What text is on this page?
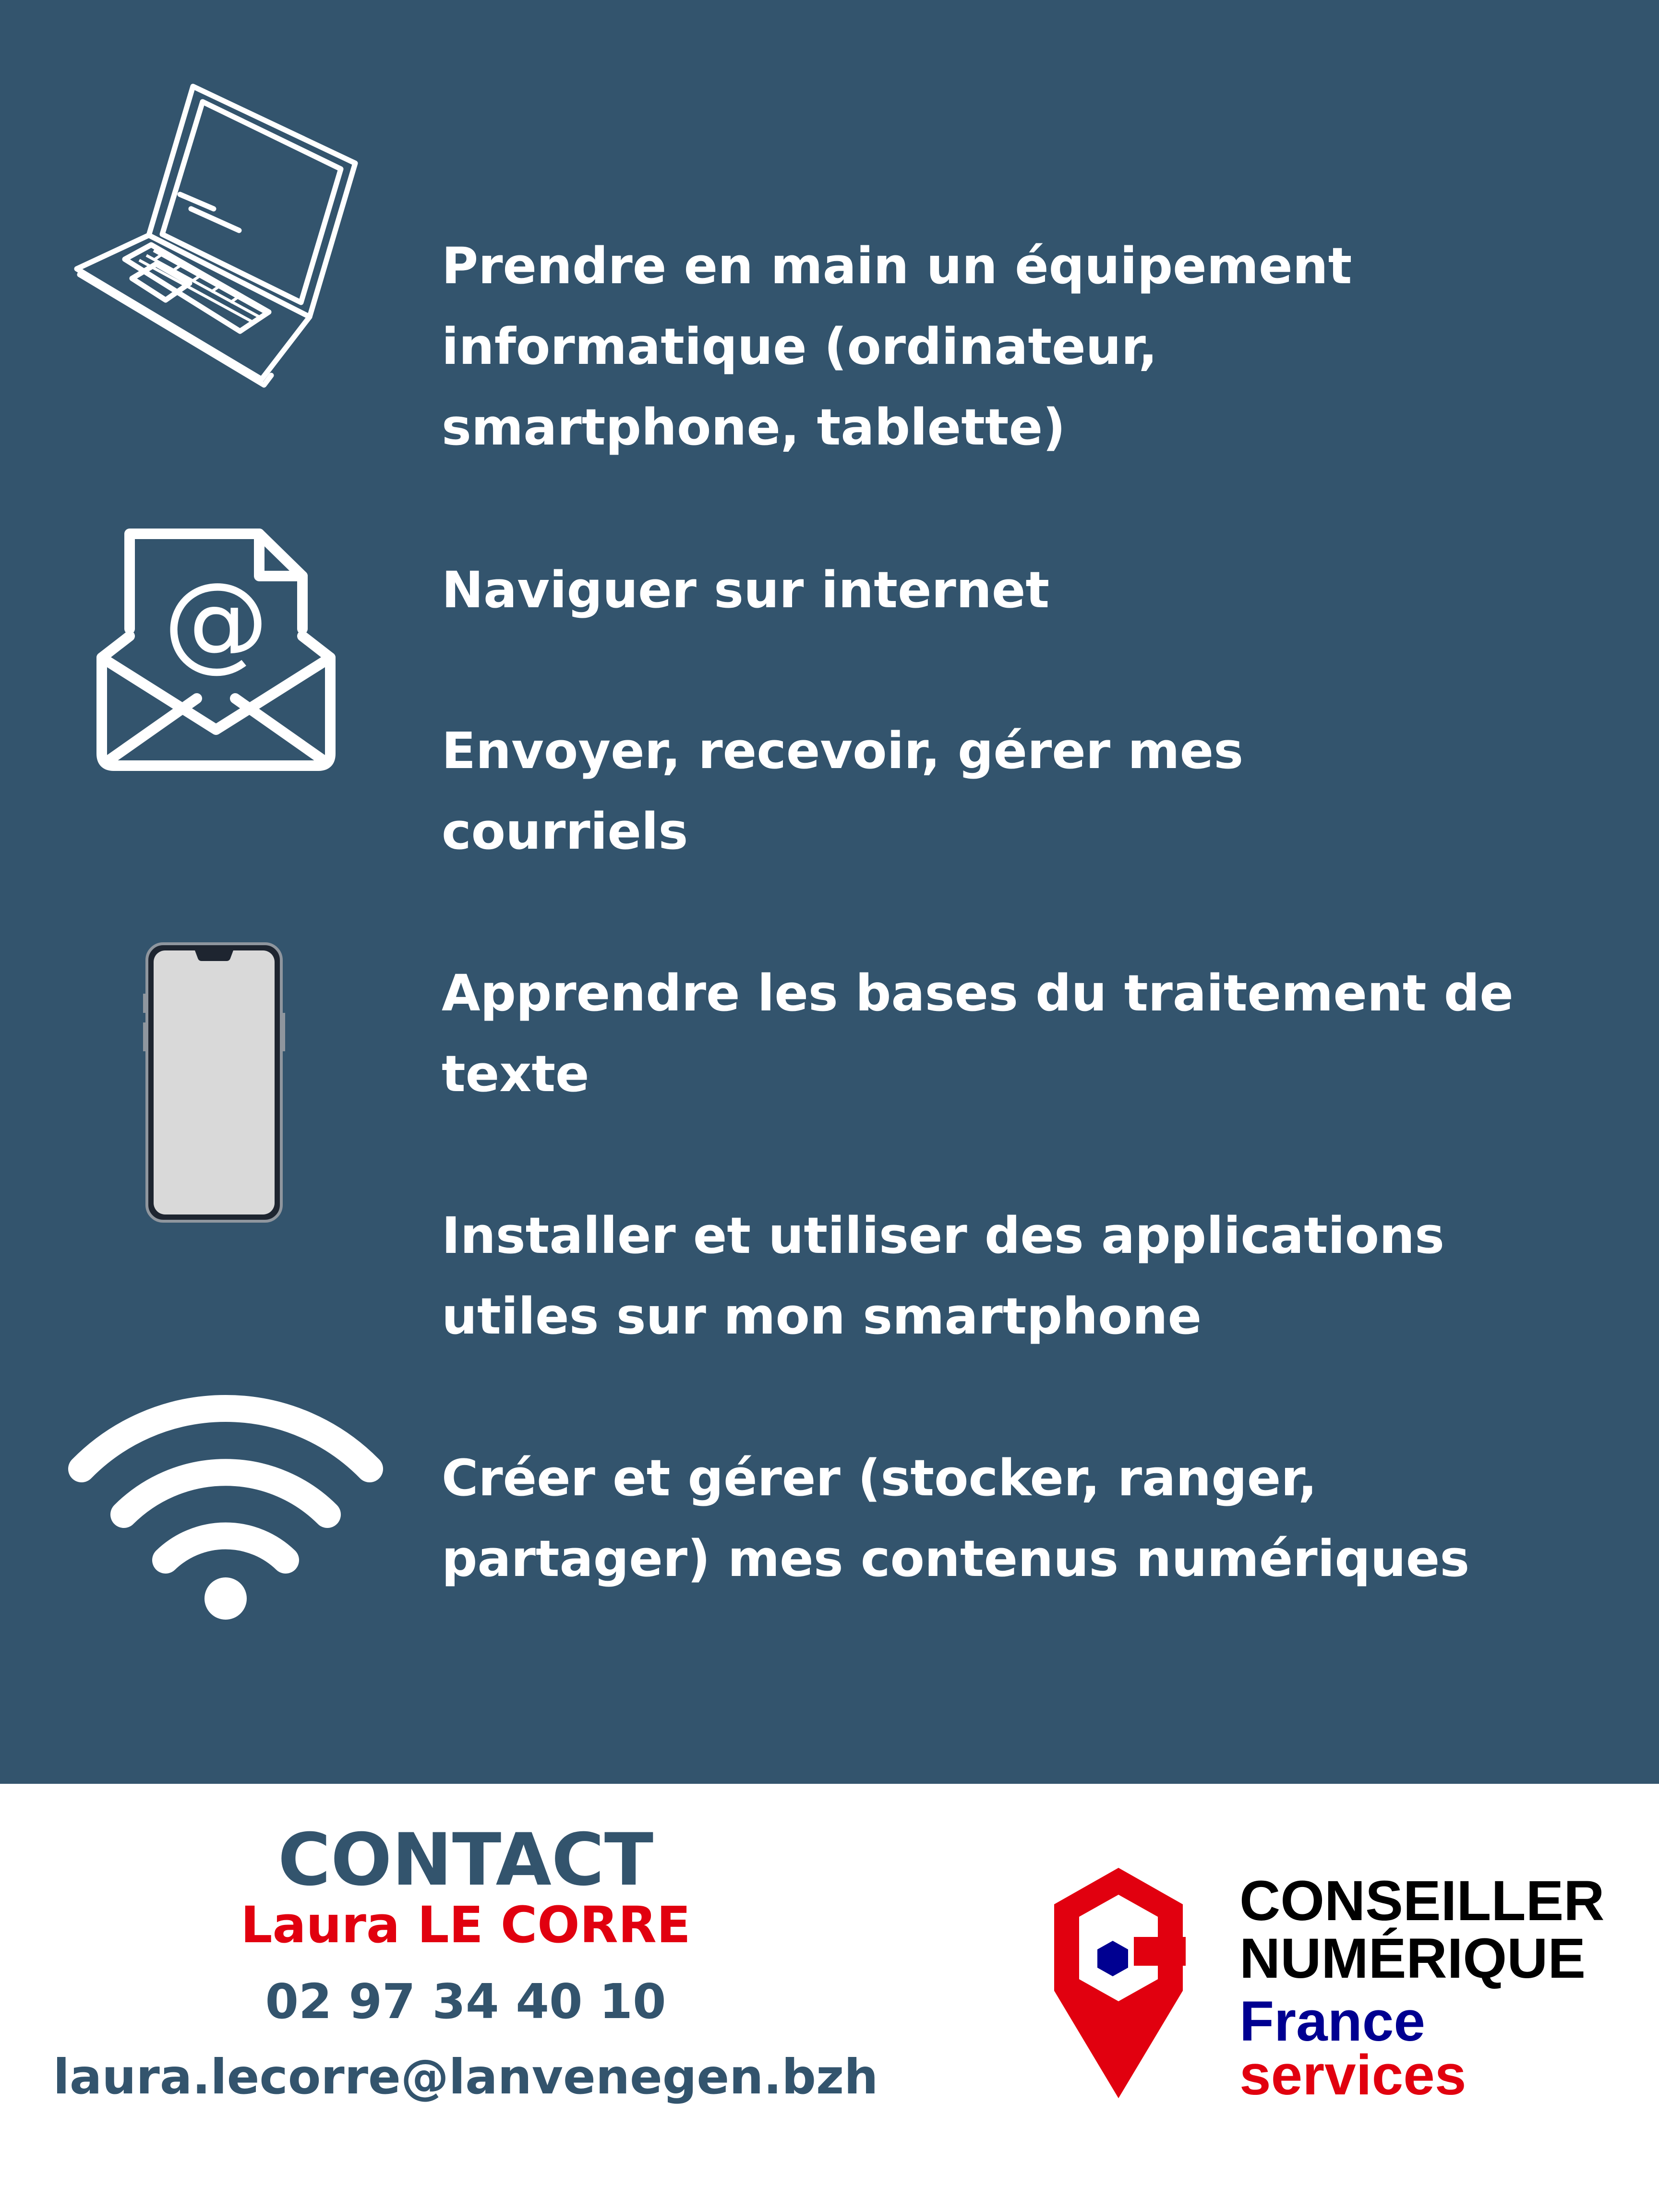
@

Prendre en main un équipement
informatique (ordinateur,
smartphone, tablette)

Naviguer sur internet

Envoyer, recevoir, gérer mes
courriels

Apprendre les bases du traitement de
texte

Installer et utiliser des applications
utiles sur mon smartphone

Créer et gérer (stocker, ranger,
partager) mes contenus numériques

CONTACT
Laura LE CORRE
02 97 34 40 10
laura.lecorre@lanvenegen.bzh
CONSEILLER
NUMÉRIQUE
France
services
